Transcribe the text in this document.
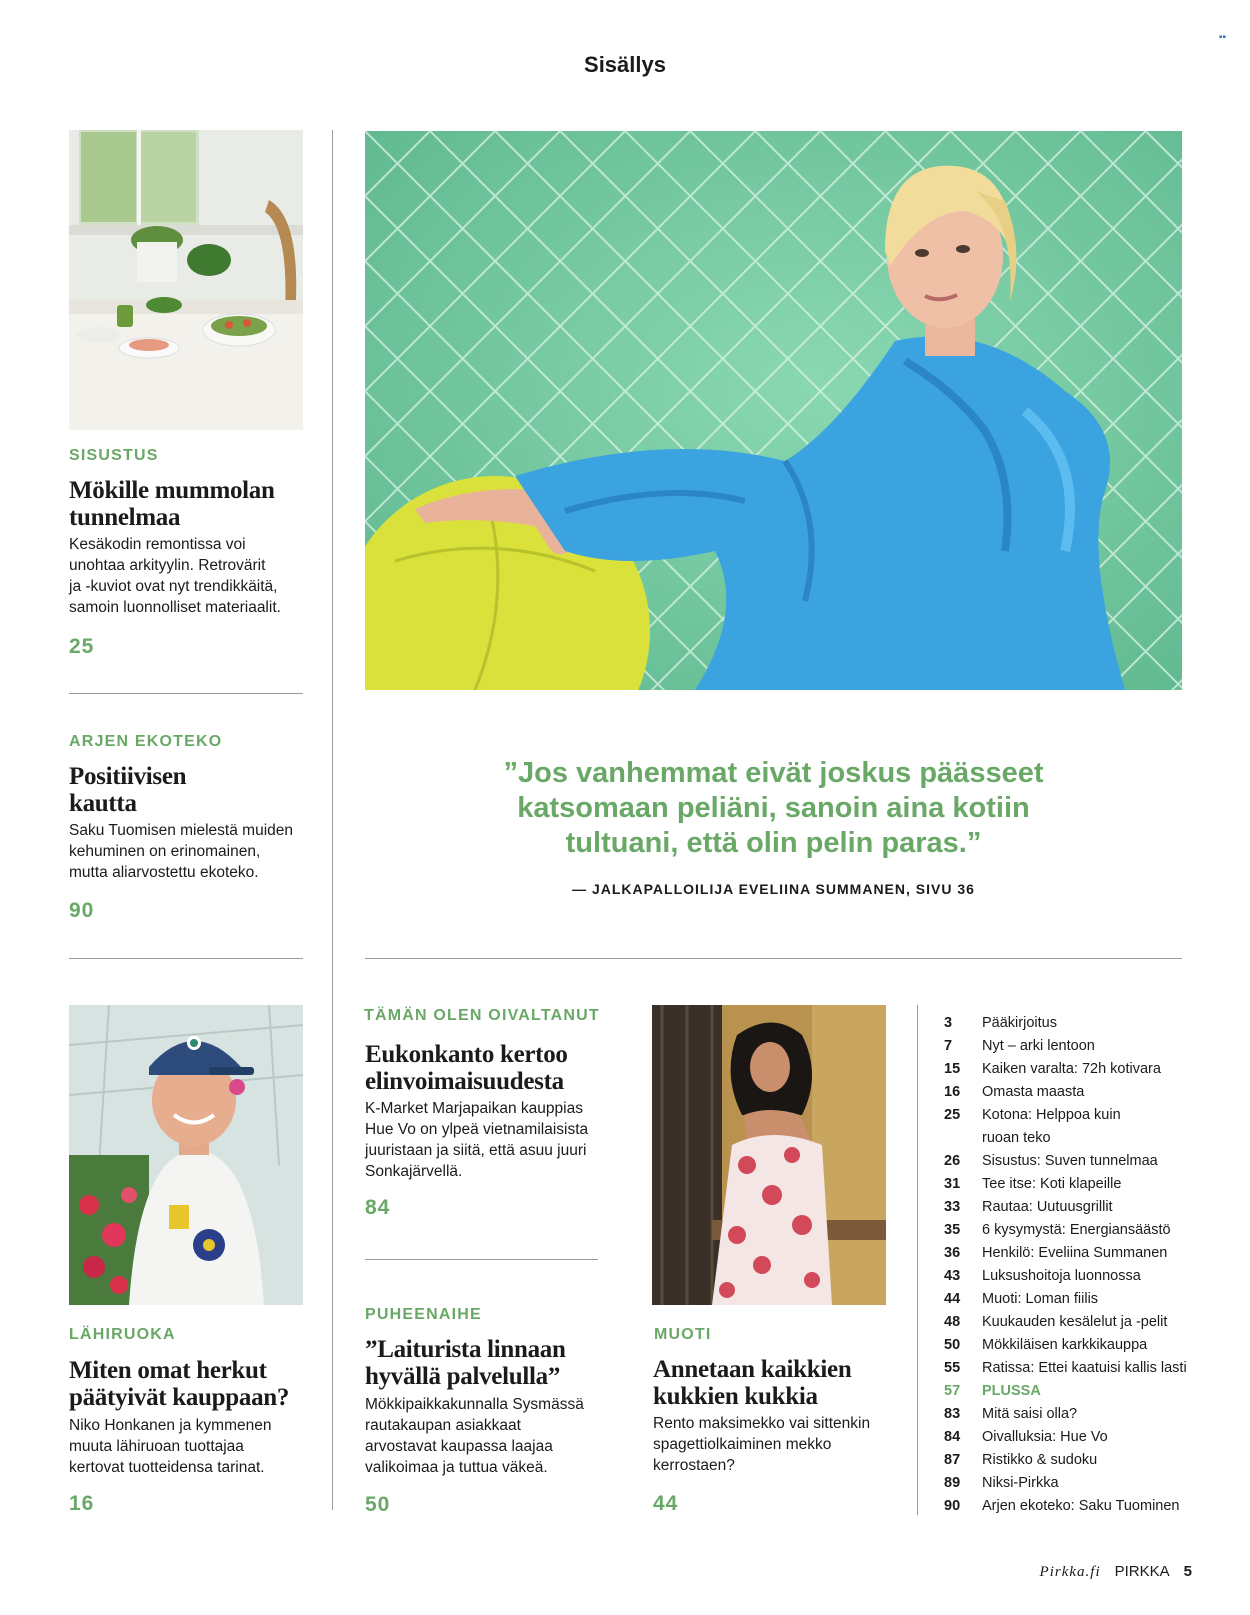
▪▪
Sisällys
SISUSTUS
Mökille mummolan
tunnelmaa
Kesäkodin remontissa voi
unohtaa arkityylin. Retrovärit
ja -kuviot ovat nyt trendikkäitä,
samoin luonnolliset materiaalit.
25
ARJEN EKOTEKO
Positiivisen
kautta
Saku Tuomisen mielestä muiden
kehuminen on erinomainen,
mutta aliarvostettu ekoteko.
90
LÄHIRUOKA
Miten omat herkut
päätyivät kauppaan?
Niko Honkanen ja kymmenen
muuta lähiruoan tuottajaa
kertovat tuotteidensa tarinat.
16
”Jos vanhemmat eivät joskus päässeet
katsomaan peliäni, sanoin aina kotiin
tultuani, että olin pelin paras.”
— JALKAPALLOILIJA EVELIINA SUMMANEN, SIVU 36
TÄMÄN OLEN OIVALTANUT
Eukonkanto kertoo
elinvoimaisuudesta
K-Market Marjapaikan kauppias
Hue Vo on ylpeä vietnamilaisista
juuristaan ja siitä, että asuu juuri
Sonkajärvellä.
84
PUHEENAIHE
”Laiturista linnaan
hyvällä palvelulla”
Mökkipaikkakunnalla Sysmässä
rautakaupan asiakkaat
arvostavat kaupassa laajaa
valikoimaa ja tuttua väkeä.
50
MUOTI
Annetaan kaikkien
kukkien kukkia
Rento maksimekko vai sittenkin
spagettiolkaiminen mekko
kerrostaen?
44
3	Pääkirjoitus
7	Nyt – arki lentoon
15	Kaiken varalta: 72h kotivara
16	Omasta maasta
25	Kotona: Helppoa kuin
ruoan teko
26	Sisustus: Suven tunnelmaa
31	Tee itse: Koti klapeille
33	Rautaa: Uutuusgrillit
35	6 kysymystä: Energiansäästö
36	Henkilö: Eveliina Summanen
43	Luksushoitoja luonnossa
44	Muoti: Loman fiilis
48	Kuukauden kesälelut ja -pelit
50	Mökkiläisen karkkikauppa
55	Ratissa: Ettei kaatuisi kallis lasti
57	PLUSSA
83	Mitä saisi olla?
84	Oivalluksia: Hue Vo
87	Ristikko & sudoku
89	Niksi-Pirkka
90	Arjen ekoteko: Saku Tuominen
Pirkka.fi PIRKKA 5
